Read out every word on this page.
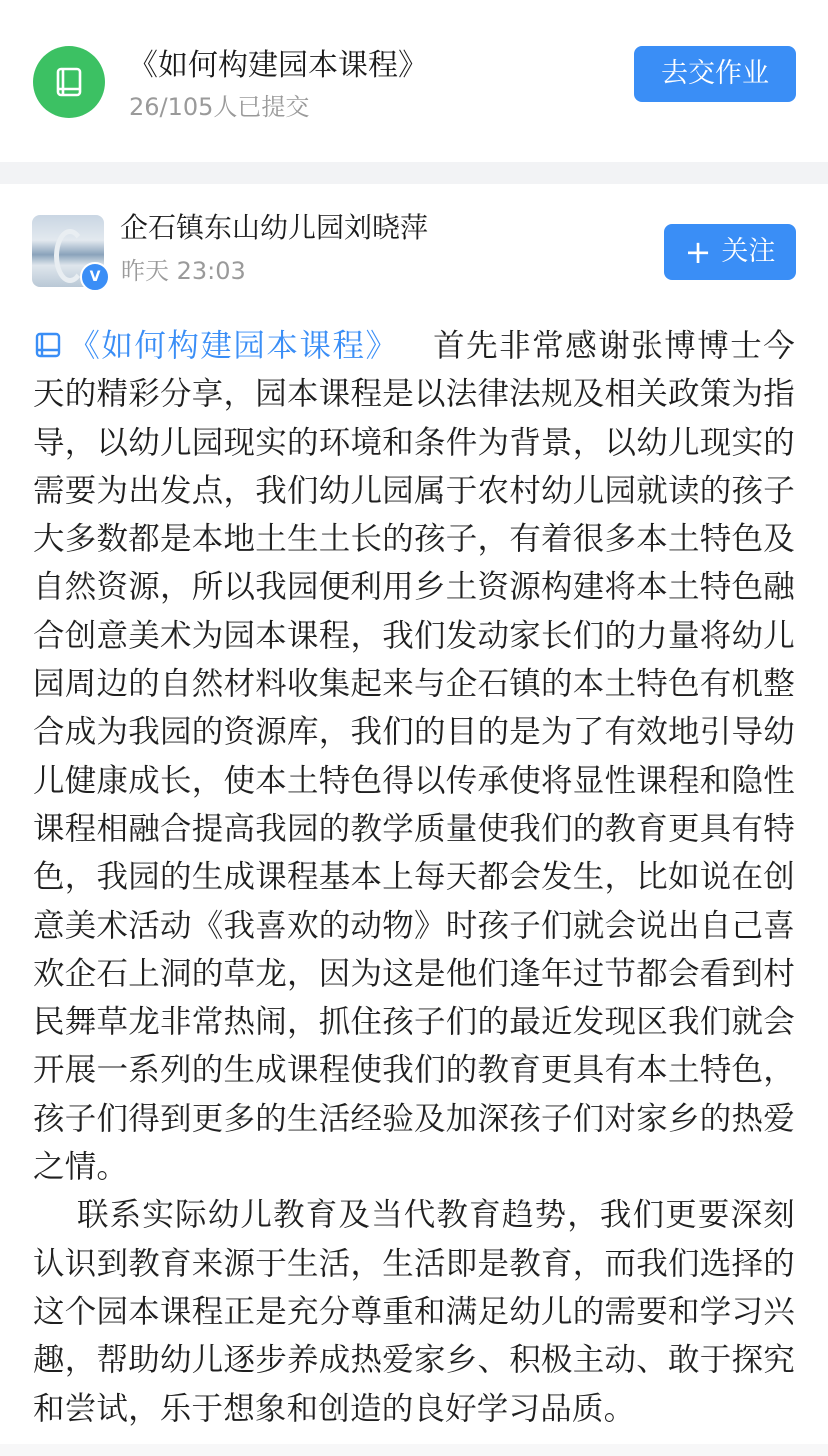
《如何构建园本课程》
26/105人已提交
去交作业
V
企石镇东山幼儿园刘晓萍
昨天 23:03	+ 关注

《如何构建园本课程》 首先非常感谢张博博士今天的精彩分享，园本课程是以法律法规及相关政策为指导，以幼儿园现实的环境和条件为背景，以幼儿现实的需要为出发点，我们幼儿园属于农村幼儿园就读的孩子大多数都是本地土生土长的孩子，有着很多本土特色及自然资源，所以我园便利用乡土资源构建将本土特色融合创意美术为园本课程，我们发动家长们的力量将幼儿园周边的自然材料收集起来与企石镇的本土特色有机整合成为我园的资源库，我们的目的是为了有效地引导幼儿健康成长，使本土特色得以传承使将显性课程和隐性课程相融合提高我园的教学质量使我们的教育更具有特色，我园的生成课程基本上每天都会发生，比如说在创意美术活动《我喜欢的动物》时孩子们就会说出自己喜欢企石上洞的草龙，因为这是他们逢年过节都会看到村民舞草龙非常热闹，抓住孩子们的最近发现区我们就会开展一系列的生成课程使我们的教育更具有本土特色，孩子们得到更多的生活经验及加深孩子们对家乡的热爱之情。

联系实际幼儿教育及当代教育趋势，我们更要深刻认识到教育来源于生活，生活即是教育，而我们选择的这个园本课程正是充分尊重和满足幼儿的需要和学习兴趣，帮助幼儿逐步养成热爱家乡、积极主动、敢于探究和尝试，乐于想象和创造的良好学习品质。
